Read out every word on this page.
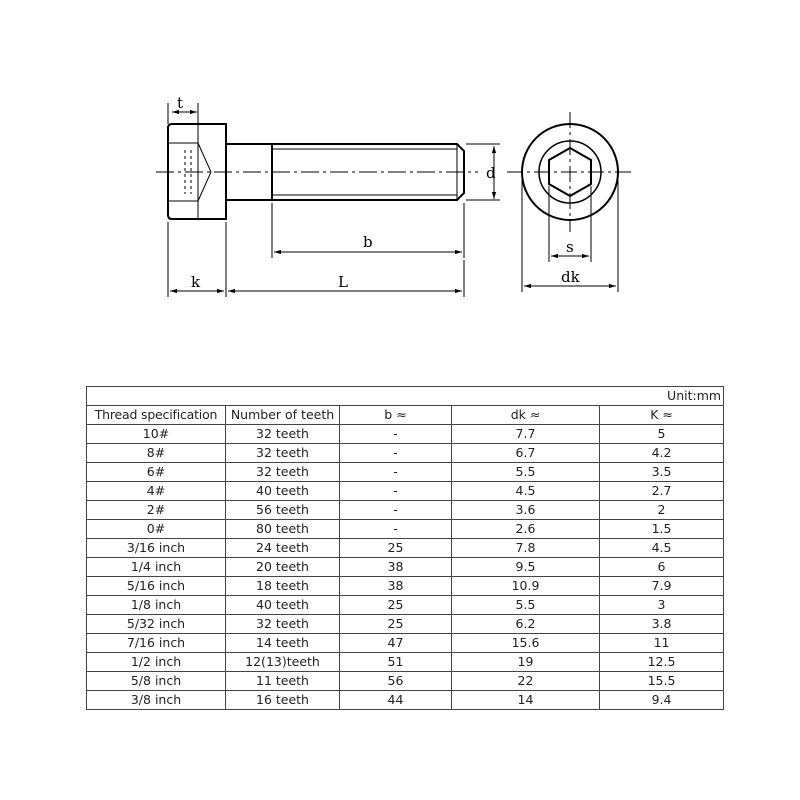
t
d
b
k	L
s
dk
Unit:mm				
Thread specification	Number of teeth	b ≈	dk ≈	K ≈
10#	32 teeth	-	7.7	5
8#	32 teeth	-	6.7	4.2
6#	32 teeth	-	5.5	3.5
4#	40 teeth	-	4.5	2.7
2#	56 teeth	-	3.6	2
0#	80 teeth	-	2.6	1.5
3/16 inch	24 teeth	25	7.8	4.5
1/4 inch	20 teeth	38	9.5	6
5/16 inch	18 teeth	38	10.9	7.9
1/8 inch	40 teeth	25	5.5	3
5/32 inch	32 teeth	25	6.2	3.8
7/16 inch	14 teeth	47	15.6	11
1/2 inch	12(13)teeth	51	19	12.5
5/8 inch	11 teeth	56	22	15.5
3/8 inch	16 teeth	44	14	9.4
